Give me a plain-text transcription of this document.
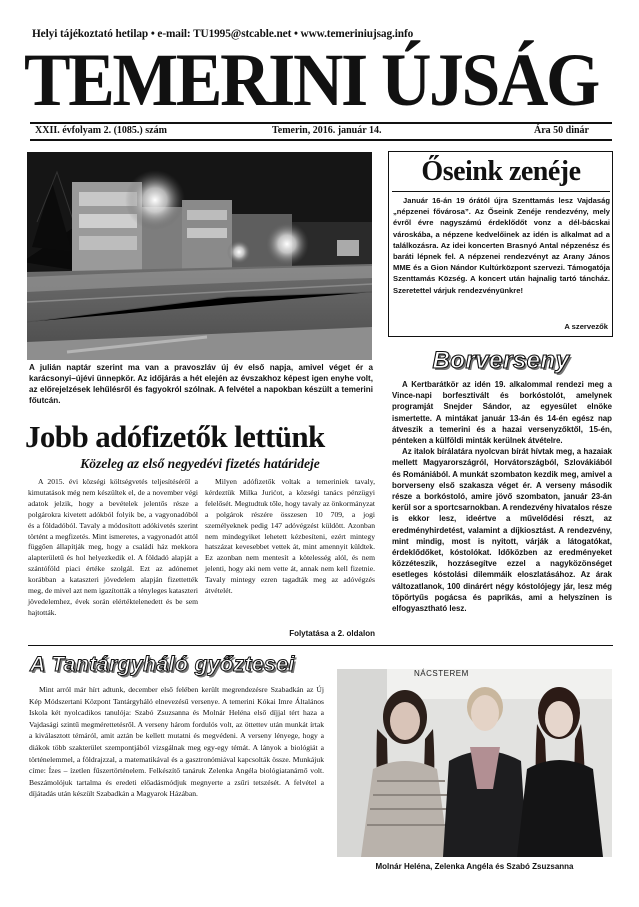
Helyi tájékoztató hetilap • e-mail: TU1995@stcable.net • www.temeriniujsag.info
TEMERINI ÚJSÁG
XXII. évfolyam 2. (1085.) szám	Temerin, 2016. január 14.	Ára 50 dinár
A julián naptár szerint ma van a pravoszláv új év első napja, amivel véget ér a karácsonyi–újévi ünnepkör. Az időjárás a hét elején az évszakhoz képest igen enyhe volt, az előrejelzések lehűlésről és fagyokról szólnak. A felvétel a napokban készült a temerini főutcán.
Őseink zenéje
Január 16-án 19 órától újra Szenttamás lesz Vajdaság „népzenei fővárosa”. Az Őseink Zenéje rendezvény, mely évről évre nagyszámú érdeklődőt vonz a dél-bácskai városkába, a népzene kedvelőinek az idén is alkalmat ad a találkozásra. Az idei koncerten Brasnyó Antal népzenész és baráti lépnek fel. A népzenei rendezvényt az Arany János MME és a Gion Nándor Kultúrközpont szervezi. Támogatója Szenttamás Község. A koncert után hajnalig tartó táncház. Szeretettel várjuk rendezvényünkre!
A szervezők
Borverseny

A Kertbarátkör az idén 19. alkalommal rendezi meg a Vince-napi borfesztivált és borkóstolót, amelynek programját Snejder Sándor, az egyesület elnöke ismertette. A mintákat január 13-án és 14-én egész nap átveszik a temerini és a hazai versenyzőktől, 15-én, pénteken a külföldi minták kerülnek átvételre.

Az italok bírálatára nyolcvan bírát hívtak meg, a hazaiak mellett Magyarországról, Horvátországból, Szlovákiából és Romániából. A munkát szombaton kezdik meg, amivel a borverseny első szakasza véget ér. A verseny második része a borkóstoló, amire jövő szombaton, január 23-án kerül sor a sportcsarnokban. A rendezvény hivatalos része is ekkor lesz, ideértve a művelődési részt, az eredményhirdetést, valamint a díjkiosztást. A rendezvény, mint mindig, most is nyitott, várják a látogatókat, érdeklődőket, kóstolókat. Időközben az eredményeket közzéteszik, hozzásegítve ezzel a nagyközönséget esetleges kóstolási dilemmáik eloszlatásához. Az árak változatlanok, 100 dinárért négy kóstolójegy jár, lesz még töpörtyűs pogácsa és paprikás, ami a helyszínen is elfogyasztható lesz.

Jobb adófizetők lettünk
Közeleg az első negyedévi fizetés határideje

A 2015. évi községi költségvetés teljesítéséről a kimutatások még nem készültek el, de a november végi adatok jelzik, hogy a bevételek jelentős része a polgárokra kivetett adókból folyik be, a vagyonadóból és a földadóból. Tavaly a módosított adókivetés szerint történt a megfizetés. Mint ismeretes, a vagyonadót attól függően állapítják meg, hogy a családi ház mekkora alapterületű és hol helyezkedik el. A földadó alapját a szántóföld piaci értéke szolgál. Ezt az adónemet korábban a kataszteri jövedelem alapján fizettették meg, de mivel azt nem igazították a tényleges kataszteri jövedelemhez, évek során elértéktelenedett és be sem hajtották.

Milyen adófizetők voltak a temeriniek tavaly, kérdeztük Milka Jurićot, a községi tanács pénzügyi felelősét. Megtudtuk tőle, hogy tavaly az önkormányzat a polgárok részére összesen 10 709, a jogi személyeknek pedig 147 adóvégzést küldött. Azonban nem mindegyiket lehetett kézbesíteni, ezért mintegy hatszázat kevesebbet vettek át, mint amennyit küldtek. Ez azonban nem mentesít a kötelesség alól, és nem jelenti, hogy aki nem vette át, annak nem kell fizetnie. Tavaly mintegy ezren tagadták meg az adóvégzés átvételét.

Folytatása a 2. oldalon
A Tantárgyháló győztesei

Mint arról már hírt adtunk, december első felében került megrendezésre Szabadkán az Új Kép Módszertani Központ Tantárgyháló elnevezésű versenye. A temerini Kókai Imre Általános Iskola két nyolcadikos tanulója: Szabó Zsuzsanna és Molnár Heléna első díjjal tért haza a Vajdasági szintű megmérettetésről. A verseny három fordulós volt, az öttettev után munkát írtak a kiválasztott témáról, amit aztán be kellett mutatni és megvédeni. A verseny lényege, hogy a diákok több szakterület szempontjából vizsgálnak meg egy-egy témát. A lányok a biológiát a történelemmel, a földrajzzal, a matematikával és a gasztronómiával kapcsolták össze. Munkájuk címe: Ízes – ízetlen fűszertörténelem. Felkészítő tanáruk Zelenka Angéla biológiatanárnő volt. Beszámolójuk tartalma és eredeti előadásmódjuk megnyerte a zsűri tetszését. A felvétel a díjátadás után készült Szabadkán a Magyarok Házában.

NÁCSTEREM
Molnár Heléna, Zelenka Angéla és Szabó Zsuzsanna
